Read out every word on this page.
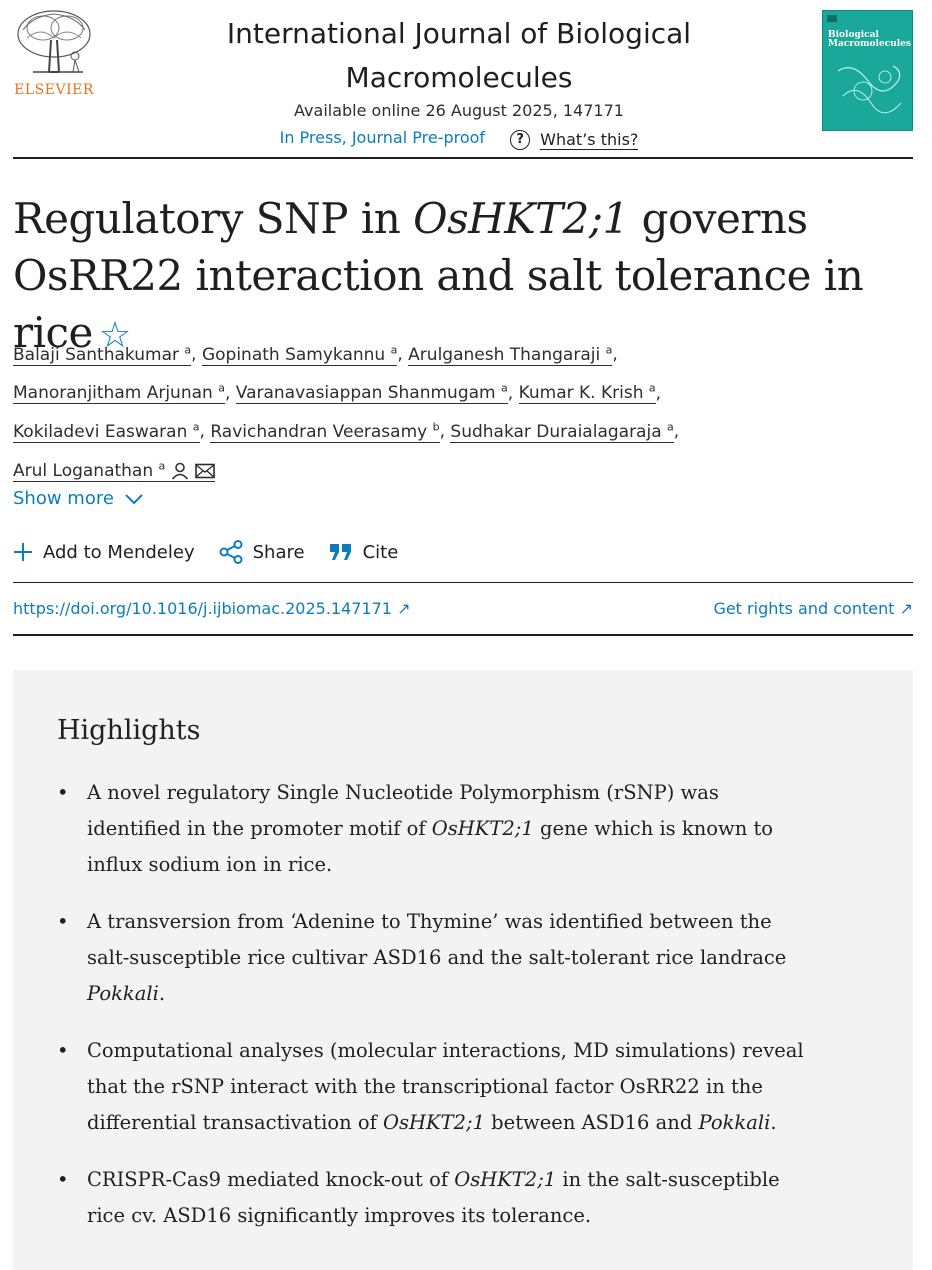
ELSEVIER
International Journal of Biological Macromolecules
Available online 26 August 2025, 147171
In Press, Journal Pre-proof	?	What’s this?
Biological Macromolecules
Regulatory SNP in OsHKT2;1 governs OsRR22 interaction and salt tolerance in rice ☆
Balaji Santhakumar $^a$, Gopinath Samykannu $^a$, Arulganesh Thangaraji $^a$,
Manoranjitham Arjunan $^a$, Varanavasiappan Shanmugam $^a$, Kumar K. Krish $^a$,
Kokiladevi Easwaran $^a$, Ravichandran Veerasamy $^b$, Sudhakar Duraialagaraja $^a$,
Arul Loganathan $^a$
Show more
Add to Mendeley	Share	Cite
https://doi.org/10.1016/j.ijbiomac.2025.147171 ↗	Get rights and content ↗
Highlights
• A novel regulatory Single Nucleotide Polymorphism (rSNP) was identified in the promoter motif of OsHKT2;1 gene which is known to influx sodium ion in rice.
• A transversion from ‘Adenine to Thymine’ was identified between the salt-susceptible rice cultivar ASD16 and the salt-tolerant rice landrace Pokkali.
• Computational analyses (molecular interactions, MD simulations) reveal that the rSNP interact with the transcriptional factor OsRR22 in the differential transactivation of OsHKT2;1 between ASD16 and Pokkali.
• CRISPR-Cas9 mediated knock-out of OsHKT2;1 in the salt-susceptible rice cv. ASD16 significantly improves its tolerance.
